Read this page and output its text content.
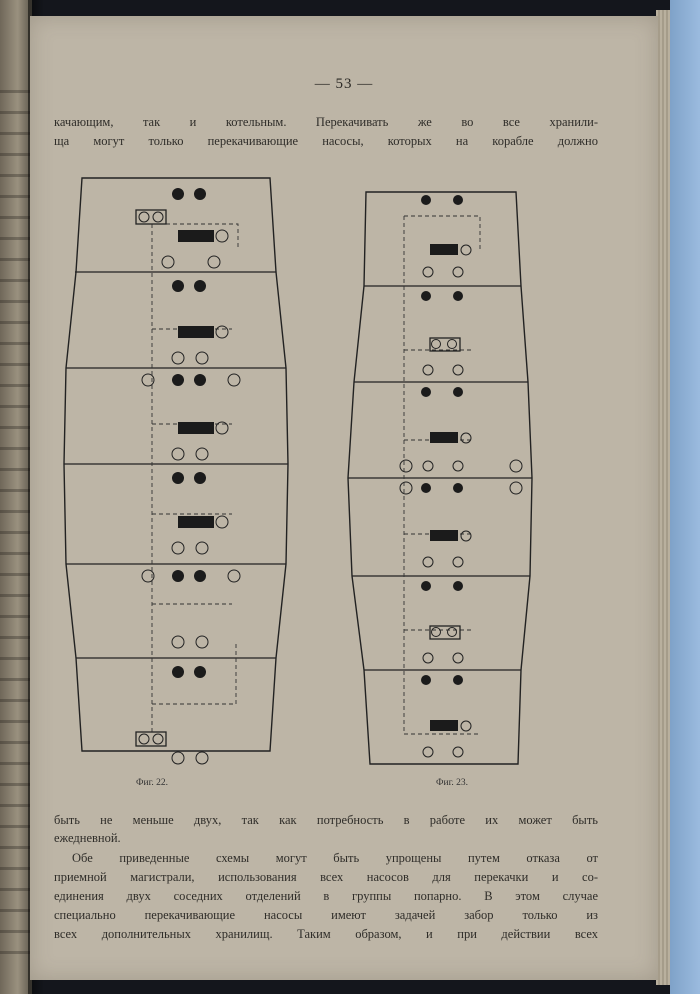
— 53 —
качающим, так и котельным. Перекачивать же во все хранили-
ща могут только перекачивающие насосы, которых на корабле должно
Фиг. 22.	Фиг. 23.
быть не меньше двух, так как потребность в работе их может быть
ежедневной.
Обе приведенные схемы могут быть упрощены путем отказа от
приемной магистрали, использования всех насосов для перекачки и со-
единения двух соседних отделений в группы попарно. В этом случае
специально перекачивающие насосы имеют задачей забор только из
всех дополнительных хранилищ. Таким образом, и при действии всех
